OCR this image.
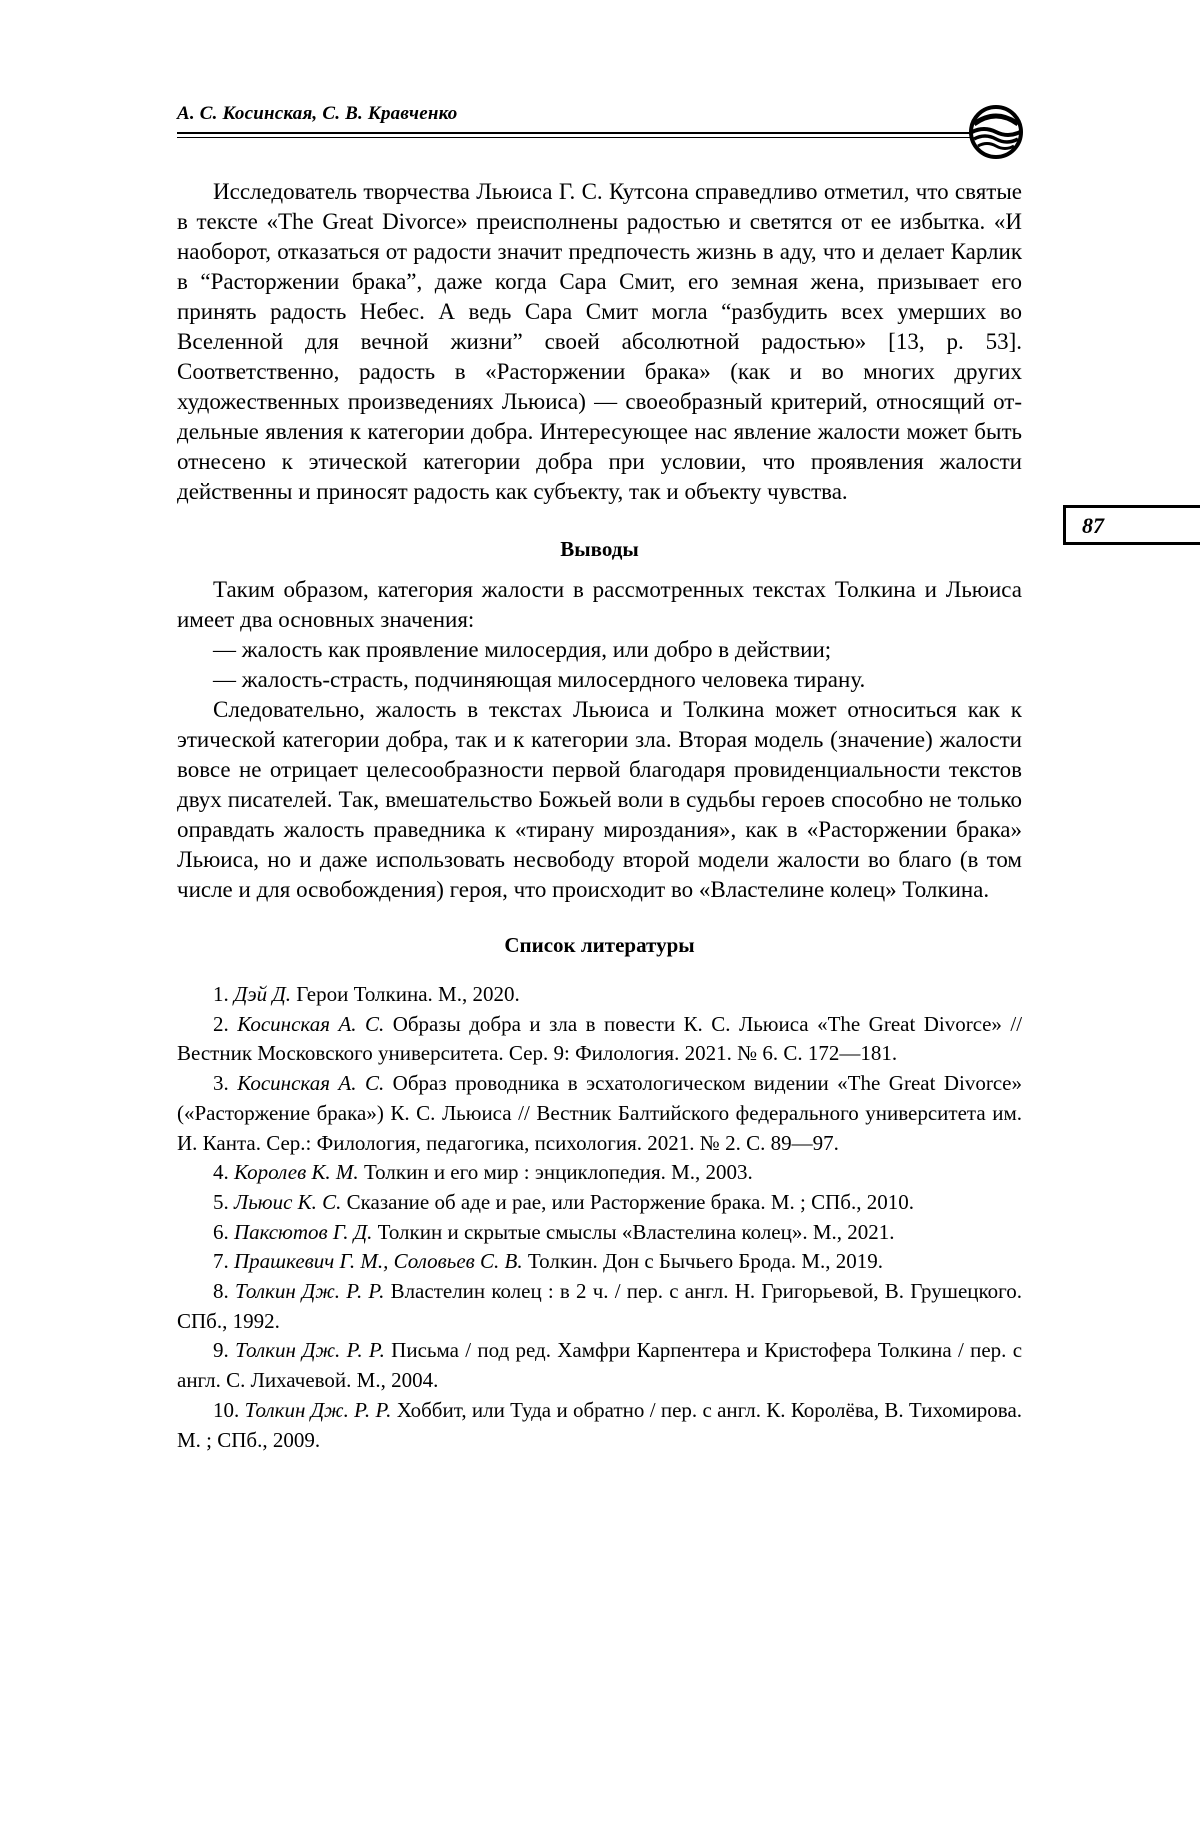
А. С. Косинская, С. В. Кравченко
87

Исследователь творчества Льюиса Г. С. Кутсона справедливо отметил, что святые в тексте «The Great Divorce» преисполнены радостью и светятся от ее избытка. «И наоборот, отказаться от радости значит предпочесть жизнь в аду, что и делает Карлик в “Расторжении брака”, даже когда Сара Смит, его земная жена, призывает его принять радость Небес. А ведь Сара Смит могла “разбудить всех умерших во Вселенной для вечной жизни” своей абсолютной радостью» [13, p. 53]. Соответственно, радость в «Расторжении брака» (как и во многих других художественных произведениях Льюиса) — своеобразный критерий, относящий отдельные явления к категории добра. Интересующее нас явление жалости может быть отнесено к этической категории добра при условии, что проявления жалости действенны и приносят радость как субъекту, так и объекту чувства.

Выводы

Таким образом, категория жалости в рассмотренных текстах Толкина и Льюиса имеет два основных значения:

— жалость как проявление милосердия, или добро в действии;

— жалость-страсть, подчиняющая милосердного человека тирану.

Следовательно, жалость в текстах Льюиса и Толкина может относиться как к этической категории добра, так и к категории зла. Вторая модель (значение) жалости вовсе не отрицает целесообразности первой благодаря провиденциальности текстов двух писателей. Так, вмешательство Божьей воли в судьбы героев способно не только оправдать жалость праведника к «тирану мироздания», как в «Расторжении брака» Льюиса, но и даже использовать несвободу второй модели жалости во благо (в том числе и для освобождения) героя, что происходит во «Властелине колец» Толкина.

Список литературы

1. Дэй Д. Герои Толкина. М., 2020.

2. Косинская А. С. Образы добра и зла в повести К. С. Льюиса «The Great Divorce» // Вестник Московского университета. Сер. 9: Филология. 2021. № 6. С. 172—181.

3. Косинская А. С. Образ проводника в эсхатологическом видении «The Great Divorce» («Расторжение брака») К. С. Льюиса // Вестник Балтийского федерального университета им. И. Канта. Сер.: Филология, педагогика, психология. 2021. № 2. С. 89—97.

4. Королев К. М. Толкин и его мир : энциклопедия. М., 2003.

5. Льюис К. С. Сказание об аде и рае, или Расторжение брака. М. ; СПб., 2010.

6. Паксютов Г. Д. Толкин и скрытые смыслы «Властелина колец». М., 2021.

7. Прашкевич Г. М., Соловьев С. В. Толкин. Дон с Бычьего Брода. М., 2019.

8. Толкин Дж. Р. Р. Властелин колец : в 2 ч. / пер. с англ. Н. Григорьевой, В. Грушецкого. СПб., 1992.

9. Толкин Дж. Р. Р. Письма / под ред. Хамфри Карпентера и Кристофера Толкина / пер. с англ. С. Лихачевой. М., 2004.

10. Толкин Дж. Р. Р. Хоббит, или Туда и обратно / пер. с англ. К. Королёва, В. Тихомирова. М. ; СПб., 2009.
